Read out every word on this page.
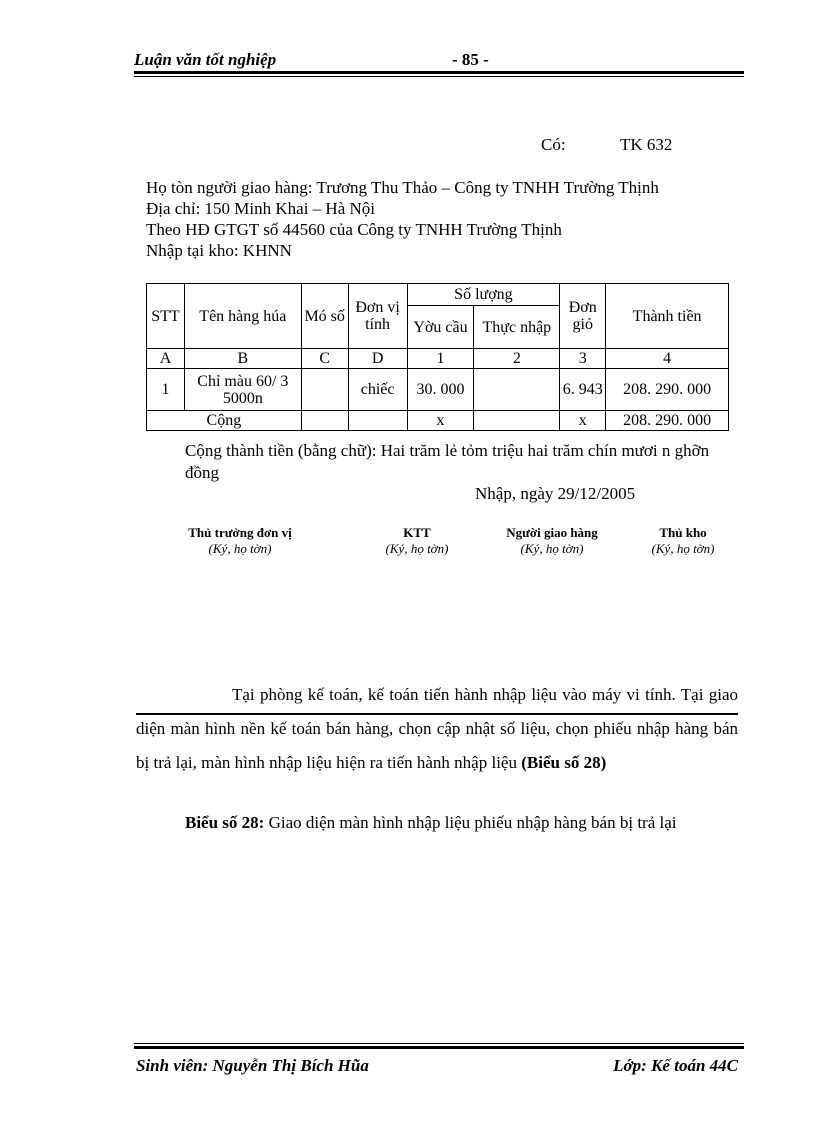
Luận văn tốt nghiệp	- 85 -
Có:	TK 632
Họ tòn người giao hàng: Trương Thu Thảo – Công ty TNHH Trường Thịnh
Địa chỉ: 150 Minh Khai – Hà Nội
Theo HĐ GTGT số 44560 của Công ty TNHH Trường Thịnh
Nhập tại kho: KHNN
STT	Tên hàng húa	Mó số	Đơn vị tính	Số lượng		Đơn giỏ	Thành tiền
				Yờu cầu	Thực nhập		
A	B	C	D	1	2	3	4
1	Chỉ màu 60/ 3 5000n		chiếc	30. 000		6. 943	208. 290. 000
Cộng				x		x	208. 290. 000
Cộng thành tiền (bằng chữ): Hai trăm lẻ tỏm triệu hai trăm chín mươi n ghỡn đồng
Nhập, ngày 29/12/2005
Thủ trưởng đơn vị
(Ký, họ tờn)
KTT
(Ký, họ tờn)
Người giao hàng
(Ký, họ tờn)
Thủ kho
(Ký, họ tờn)
Tại phòng kế toán, kế toán tiến hành nhập liệu vào máy vi tính. Tại giao diện màn hình nền kế toán bán hàng, chọn cập nhật số liệu, chọn phiếu nhập hàng bán bị trả lại, màn hình nhập liệu hiện ra tiến hành nhập liệu (Biểu số 28)
Biểu số 28: Giao diện màn hình nhập liệu phiếu nhập hàng bán bị trả lại
Sinh viên: Nguyễn Thị Bích Hũa	Lớp: Kế toán 44C
